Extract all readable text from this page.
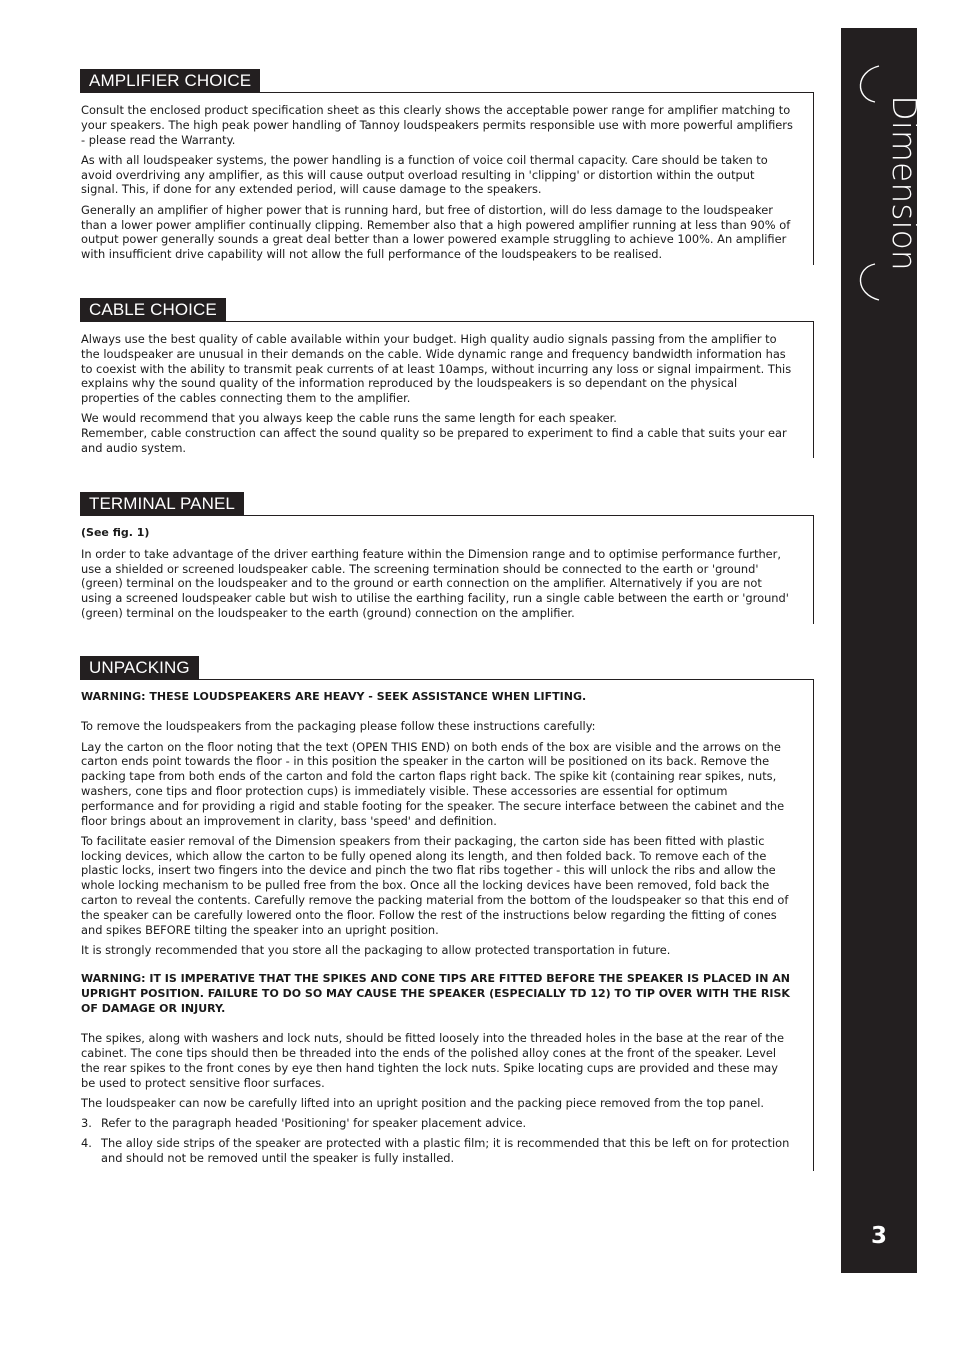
Dimension
3
AMPLIFIER CHOICE

Consult the enclosed product specification sheet as this clearly shows the acceptable power range for amplifier matching to your speakers. The high peak power handling of Tannoy loudspeakers permits responsible use with more powerful amplifiers - please read the Warranty.

As with all loudspeaker systems, the power handling is a function of voice coil thermal capacity. Care should be taken to avoid overdriving any amplifier, as this will cause output overload resulting in 'clipping' or distortion within the output signal. This, if done for any extended period, will cause damage to the speakers.

Generally an amplifier of higher power that is running hard, but free of distortion, will do less damage to the loudspeaker than a lower power amplifier continually clipping. Remember also that a high powered amplifier running at less than 90% of output power generally sounds a great deal better than a lower powered example struggling to achieve 100%. An amplifier with insufficient drive capability will not allow the full performance of the loudspeakers to be realised.

CABLE CHOICE

Always use the best quality of cable available within your budget. High quality audio signals passing from the amplifier to the loudspeaker are unusual in their demands on the cable. Wide dynamic range and frequency bandwidth information has to coexist with the ability to transmit peak currents of at least 10amps, without incurring any loss or signal impairment. This explains why the sound quality of the information reproduced by the loudspeakers is so dependant on the physical properties of the cables connecting them to the amplifier.

We would recommend that you always keep the cable runs the same length for each speaker.

Remember, cable construction can affect the sound quality so be prepared to experiment to find a cable that suits your ear and audio system.

TERMINAL PANEL

(See fig. 1)

In order to take advantage of the driver earthing feature within the Dimension range and to optimise performance further, use a shielded or screened loudspeaker cable. The screening termination should be connected to the earth or 'ground' (green) terminal on the loudspeaker and to the ground or earth connection on the amplifier. Alternatively if you are not using a screened loudspeaker cable but wish to utilise the earthing facility, run a single cable between the earth or 'ground' (green) terminal on the loudspeaker to the earth (ground) connection on the amplifier.

UNPACKING

WARNING: THESE LOUDSPEAKERS ARE HEAVY - SEEK ASSISTANCE WHEN LIFTING.

To remove the loudspeakers from the packaging please follow these instructions carefully:

Lay the carton on the floor noting that the text (OPEN THIS END) on both ends of the box are visible and the arrows on the carton ends point towards the floor - in this position the speaker in the carton will be positioned on its back. Remove the packing tape from both ends of the carton and fold the carton flaps right back. The spike kit (containing rear spikes, nuts, washers, cone tips and floor protection cups) is immediately visible. These accessories are essential for optimum performance and for providing a rigid and stable footing for the speaker. The secure interface between the cabinet and the floor brings about an improvement in clarity, bass 'speed' and definition.

To facilitate easier removal of the Dimension speakers from their packaging, the carton side has been fitted with plastic locking devices, which allow the carton to be fully opened along its length, and then folded back. To remove each of the plastic locks, insert two fingers into the device and pinch the two flat ribs together - this will unlock the ribs and allow the whole locking mechanism to be pulled free from the box. Once all the locking devices have been removed, fold back the carton to reveal the contents. Carefully remove the packing material from the bottom of the loudspeaker so that this end of the speaker can be carefully lowered onto the floor. Follow the rest of the instructions below regarding the fitting of cones and spikes BEFORE tilting the speaker into an upright position.

It is strongly recommended that you store all the packaging to allow protected transportation in future.

WARNING: IT IS IMPERATIVE THAT THE SPIKES AND CONE TIPS ARE FITTED BEFORE THE SPEAKER IS PLACED IN AN UPRIGHT POSITION. FAILURE TO DO SO MAY CAUSE THE SPEAKER (ESPECIALLY TD 12) TO TIP OVER WITH THE RISK OF DAMAGE OR INJURY.

The spikes, along with washers and lock nuts, should be fitted loosely into the threaded holes in the base at the rear of the cabinet. The cone tips should then be threaded into the ends of the polished alloy cones at the front of the speaker. Level the rear spikes to the front cones by eye then hand tighten the lock nuts. Spike locating cups are provided and these may be used to protect sensitive floor surfaces.

The loudspeaker can now be carefully lifted into an upright position and the packing piece removed from the top panel.

3. Refer to the paragraph headed 'Positioning' for speaker placement advice.
4. The alloy side strips of the speaker are protected with a plastic film; it is recommended that this be left on for protection and should not be removed until the speaker is fully installed.
